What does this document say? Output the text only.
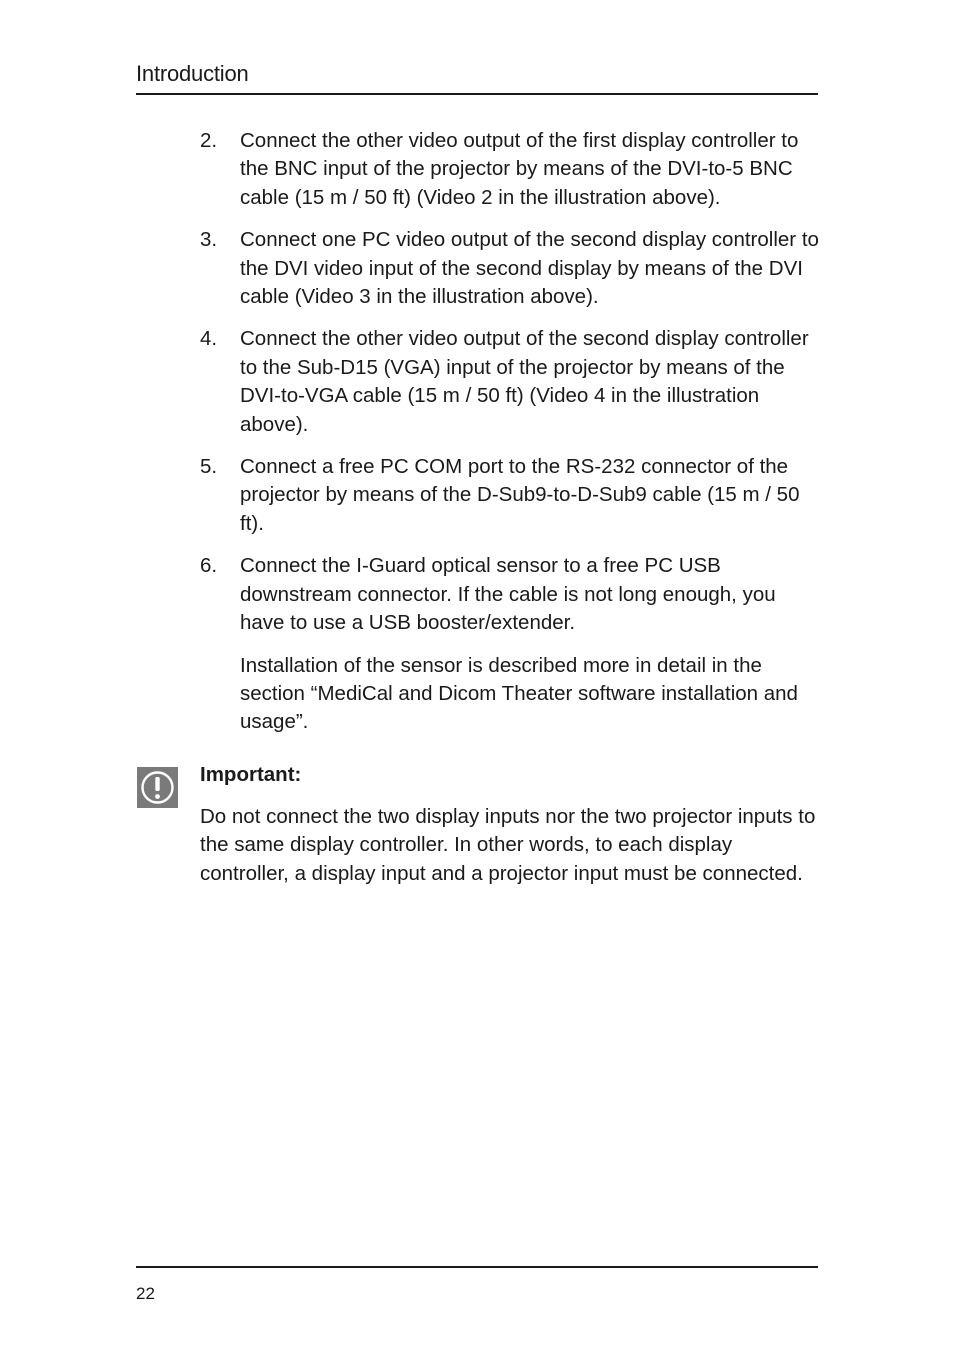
Introduction
2. Connect the other video output of the first display controller to the BNC input of the projector by means of the DVI-to-5 BNC cable (15 m / 50 ft) (Video 2 in the illustration above).

3. Connect one PC video output of the second display controller to the DVI video input of the second display by means of the DVI cable (Video 3 in the illustration above).

4. Connect the other video output of the second display controller to the Sub-D15 (VGA) input of the projector by means of the DVI-to-VGA cable (15 m / 50 ft) (Video 4 in the illustration above).

5. Connect a free PC COM port to the RS-232 connector of the projector by means of the D-Sub9-to-D-Sub9 cable (15 m / 50 ft).

6. Connect the I-Guard optical sensor to a free PC USB downstream connector. If the cable is not long enough, you have to use a USB booster/extender.

Installation of the sensor is described more in detail in the section “MediCal and Dicom Theater software installation and usage”.

Important:

Do not connect the two display inputs nor the two projector inputs to the same display controller. In other words, to each display controller, a display input and a projector input must be connected.

22
